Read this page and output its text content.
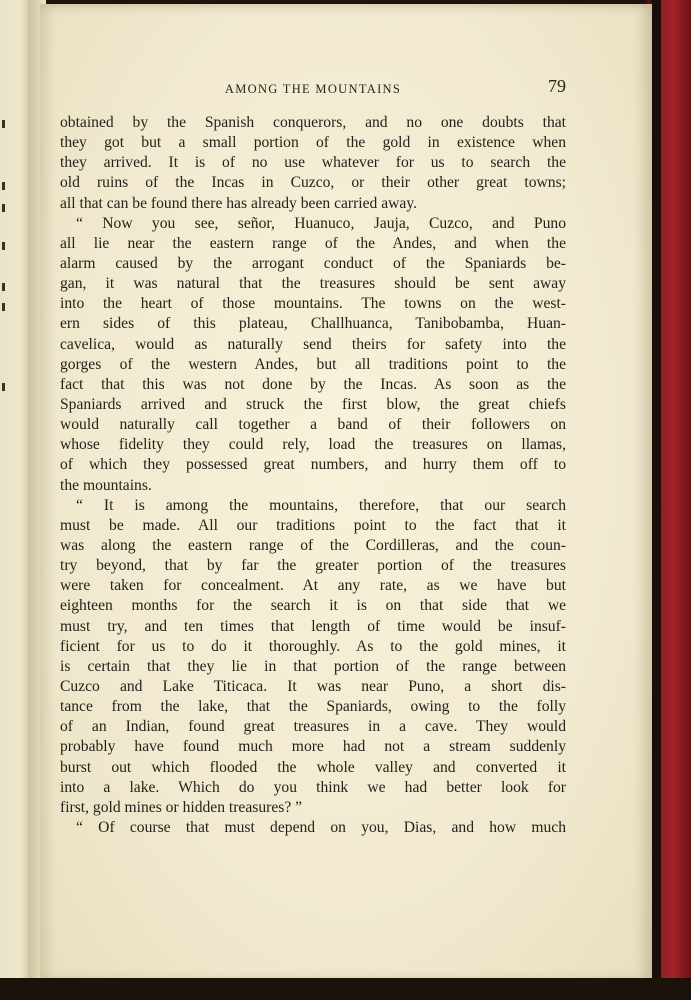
AMONG THE MOUNTAINS	79
obtained by the Spanish conquerors, and no one doubts that
they got but a small portion of the gold in existence when
they arrived. It is of no use whatever for us to search the
old ruins of the Incas in Cuzco, or their other great towns;
all that can be found there has already been carried away.
“ Now you see, señor, Huanuco, Jauja, Cuzco, and Puno
all lie near the eastern range of the Andes, and when the
alarm caused by the arrogant conduct of the Spaniards be-
gan, it was natural that the treasures should be sent away
into the heart of those mountains. The towns on the west-
ern sides of this plateau, Challhuanca, Tanibobamba, Huan-
cavelica, would as naturally send theirs for safety into the
gorges of the western Andes, but all traditions point to the
fact that this was not done by the Incas. As soon as the
Spaniards arrived and struck the first blow, the great chiefs
would naturally call together a band of their followers on
whose fidelity they could rely, load the treasures on llamas,
of which they possessed great numbers, and hurry them off to
the mountains.
“ It is among the mountains, therefore, that our search
must be made. All our traditions point to the fact that it
was along the eastern range of the Cordilleras, and the coun-
try beyond, that by far the greater portion of the treasures
were taken for concealment. At any rate, as we have but
eighteen months for the search it is on that side that we
must try, and ten times that length of time would be insuf-
ficient for us to do it thoroughly. As to the gold mines, it
is certain that they lie in that portion of the range between
Cuzco and Lake Titicaca. It was near Puno, a short dis-
tance from the lake, that the Spaniards, owing to the folly
of an Indian, found great treasures in a cave. They would
probably have found much more had not a stream suddenly
burst out which flooded the whole valley and converted it
into a lake. Which do you think we had better look for
first, gold mines or hidden treasures? ”
“ Of course that must depend on you, Dias, and how much
